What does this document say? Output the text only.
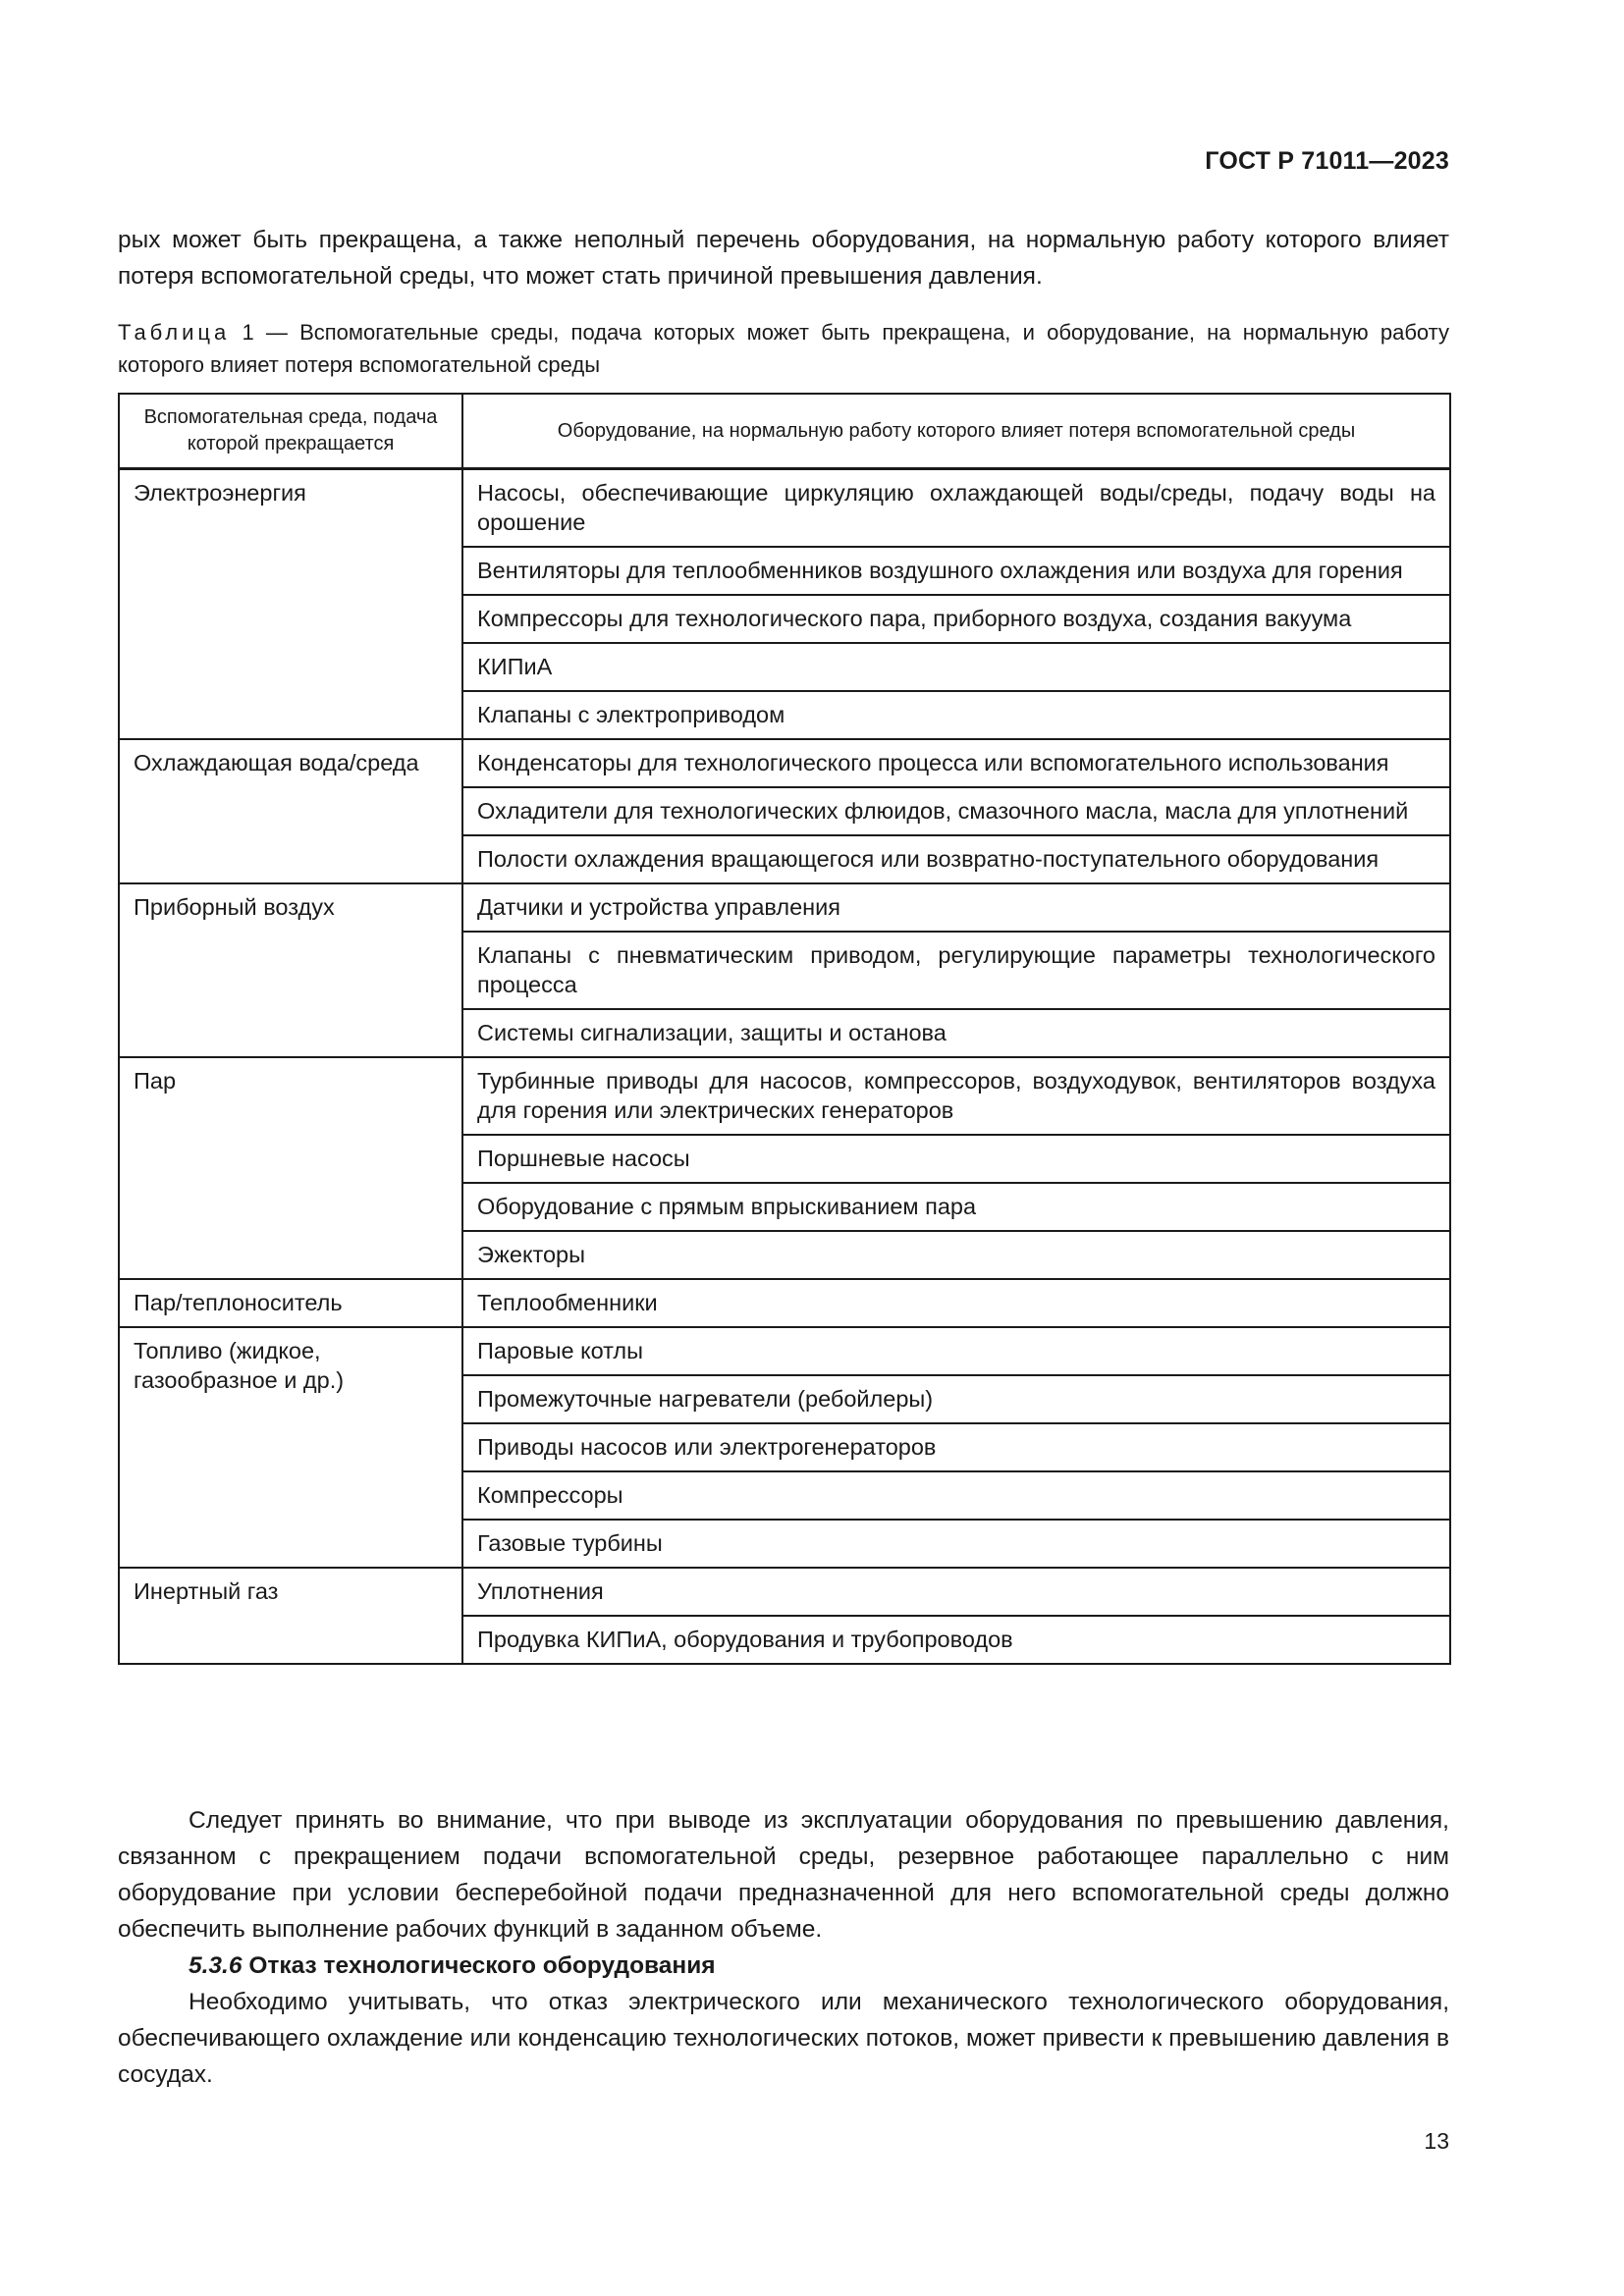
ГОСТ Р 71011—2023
рых может быть прекращена, а также неполный перечень оборудования, на нормальную работу которого влияет потеря вспомогательной среды, что может стать причиной превышения давления.
Таблица 1 — Вспомогательные среды, подача которых может быть прекращена, и оборудование, на нормальную работу которого влияет потеря вспомогательной среды
Вспомогательная среда, подача которой прекращается	Оборудование, на нормальную работу которого влияет потеря вспомогательной среды
Электроэнергия	Насосы, обеспечивающие циркуляцию охлаждающей воды/среды, подачу воды на орошение
	Вентиляторы для теплообменников воздушного охлаждения или воздуха для горения
	Компрессоры для технологического пара, приборного воздуха, создания вакуума
	КИПиА
	Клапаны с электроприводом
Охлаждающая вода/среда	Конденсаторы для технологического процесса или вспомогательного использования
	Охладители для технологических флюидов, смазочного масла, масла для уплотнений
	Полости охлаждения вращающегося или возвратно-поступательного оборудования
Приборный воздух	Датчики и устройства управления
	Клапаны с пневматическим приводом, регулирующие параметры технологического процесса
	Системы сигнализации, защиты и останова
Пар	Турбинные приводы для насосов, компрессоров, воздуходувок, вентиляторов воздуха для горения или электрических генераторов
	Поршневые насосы
	Оборудование с прямым впрыскиванием пара
	Эжекторы
Пар/теплоноситель	Теплообменники
Топливо (жидкое, газообразное и др.)	Паровые котлы
	Промежуточные нагреватели (ребойлеры)
	Приводы насосов или электрогенераторов
	Компрессоры
	Газовые турбины
Инертный газ	Уплотнения
	Продувка КИПиА, оборудования и трубопроводов
Следует принять во внимание, что при выводе из эксплуатации оборудования по превышению давления, связанном с прекращением подачи вспомогательной среды, резервное работающее параллельно с ним оборудование при условии бесперебойной подачи предназначенной для него вспомогательной среды должно обеспечить выполнение рабочих функций в заданном объеме.
5.3.6 Отказ технологического оборудования
Необходимо учитывать, что отказ электрического или механического технологического оборудования, обеспечивающего охлаждение или конденсацию технологических потоков, может привести к превышению давления в сосудах.
13
